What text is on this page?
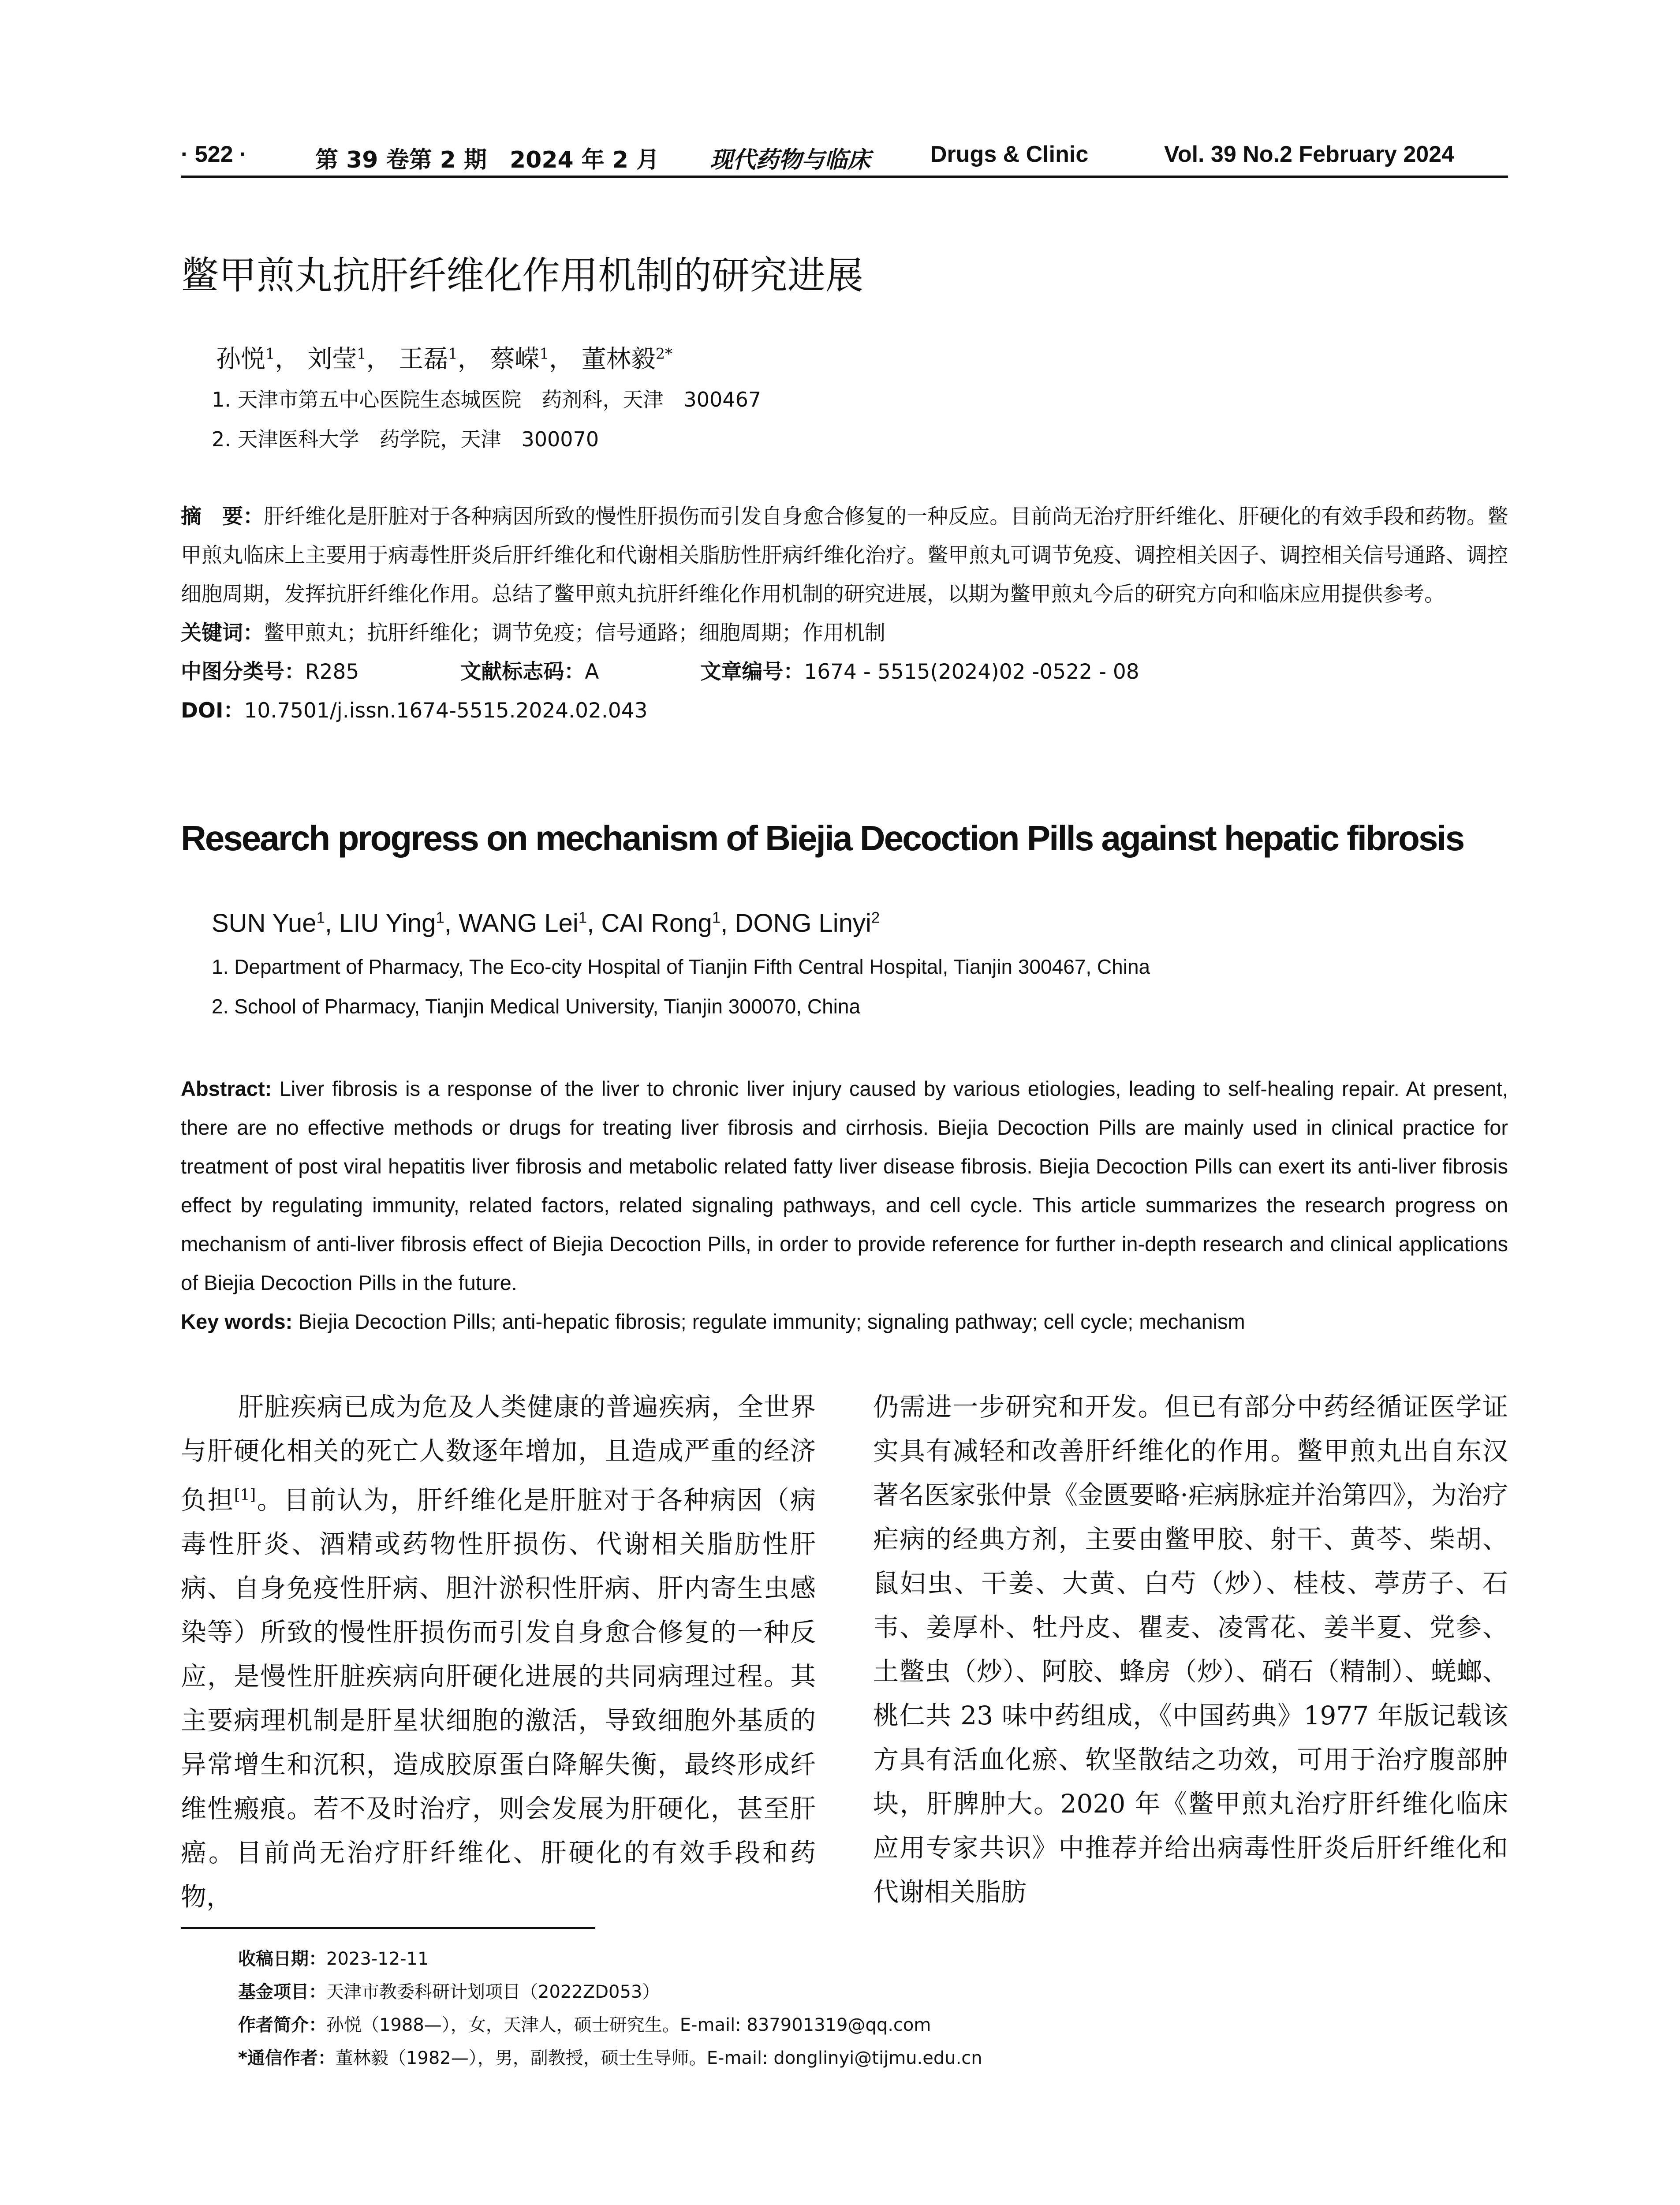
· 522 ·	第 39 卷第 2 期　2024 年 2 月 现代药物与临床	Drugs & Clinic	Vol. 39 No.2 February 2024
鳖甲煎丸抗肝纤维化作用机制的研究进展
孙悦$^1$， 刘莹$^1$， 王磊$^1$， 蔡嵘$^1$， 董林毅$^{2*}$
1. 天津市第五中心医院生态城医院　药剂科，天津　300467
2. 天津医科大学　药学院，天津　300070

摘　要：肝纤维化是肝脏对于各种病因所致的慢性肝损伤而引发自身愈合修复的一种反应。目前尚无治疗肝纤维化、肝硬化的有效手段和药物。鳖甲煎丸临床上主要用于病毒性肝炎后肝纤维化和代谢相关脂肪性肝病纤维化治疗。鳖甲煎丸可调节免疫、调控相关因子、调控相关信号通路、调控细胞周期，发挥抗肝纤维化作用。总结了鳖甲煎丸抗肝纤维化作用机制的研究进展，以期为鳖甲煎丸今后的研究方向和临床应用提供参考。

关键词：鳖甲煎丸；抗肝纤维化；调节免疫；信号通路；细胞周期；作用机制

中图分类号：R285	文献标志码：A	文章编号：1674 - 5515(2024)02 -0522 - 08

DOI：10.7501/j.issn.1674-5515.2024.02.043

Research progress on mechanism of Biejia Decoction Pills against hepatic fibrosis
SUN Yue$^1$, LIU Ying$^1$, WANG Lei$^1$, CAI Rong$^1$, DONG Linyi$^2$
1. Department of Pharmacy, The Eco-city Hospital of Tianjin Fifth Central Hospital, Tianjin 300467, China
2. School of Pharmacy, Tianjin Medical University, Tianjin 300070, China

Abstract: Liver fibrosis is a response of the liver to chronic liver injury caused by various etiologies, leading to self-healing repair. At present, there are no effective methods or drugs for treating liver fibrosis and cirrhosis. Biejia Decoction Pills are mainly used in clinical practice for treatment of post viral hepatitis liver fibrosis and metabolic related fatty liver disease fibrosis. Biejia Decoction Pills can exert its anti-liver fibrosis effect by regulating immunity, related factors, related signaling pathways, and cell cycle. This article summarizes the research progress on mechanism of anti-liver fibrosis effect of Biejia Decoction Pills, in order to provide reference for further in-depth research and clinical applications of Biejia Decoction Pills in the future.

Key words: Biejia Decoction Pills; anti-hepatic fibrosis; regulate immunity; signaling pathway; cell cycle; mechanism

肝脏疾病已成为危及人类健康的普遍疾病，全世界与肝硬化相关的死亡人数逐年增加，且造成严重的经济负担[1]。目前认为，肝纤维化是肝脏对于各种病因（病毒性肝炎、酒精或药物性肝损伤、代谢相关脂肪性肝病、自身免疫性肝病、胆汁淤积性肝病、肝内寄生虫感染等）所致的慢性肝损伤而引发自身愈合修复的一种反应，是慢性肝脏疾病向肝硬化进展的共同病理过程。其主要病理机制是肝星状细胞的激活，导致细胞外基质的异常增生和沉积，造成胶原蛋白降解失衡，最终形成纤维性瘢痕。若不及时治疗，则会发展为肝硬化，甚至肝癌。目前尚无治疗肝纤维化、肝硬化的有效手段和药物，
仍需进一步研究和开发。但已有部分中药经循证医学证实具有减轻和改善肝纤维化的作用。鳖甲煎丸出自东汉著名医家张仲景《金匮要略·疟病脉症并治第四》，为治疗疟病的经典方剂，主要由鳖甲胶、射干、黄芩、柴胡、鼠妇虫、干姜、大黄、白芍（炒）、桂枝、葶苈子、石韦、姜厚朴、牡丹皮、瞿麦、凌霄花、姜半夏、党参、土鳖虫（炒）、阿胶、蜂房（炒）、硝石（精制）、蜣螂、桃仁共 23 味中药组成，《中国药典》1977 年版记载该方具有活血化瘀、软坚散结之功效，可用于治疗腹部肿块，肝脾肿大。2020 年《鳖甲煎丸治疗肝纤维化临床应用专家共识》中推荐并给出病毒性肝炎后肝纤维化和代谢相关脂肪
收稿日期：2023-12-11
基金项目：天津市教委科研计划项目（2022ZD053）
作者简介：孙悦（1988—），女，天津人，硕士研究生。E-mail: 837901319@qq.com
*通信作者：董林毅（1982—），男，副教授，硕士生导师。E-mail: donglinyi@tijmu.edu.cn
